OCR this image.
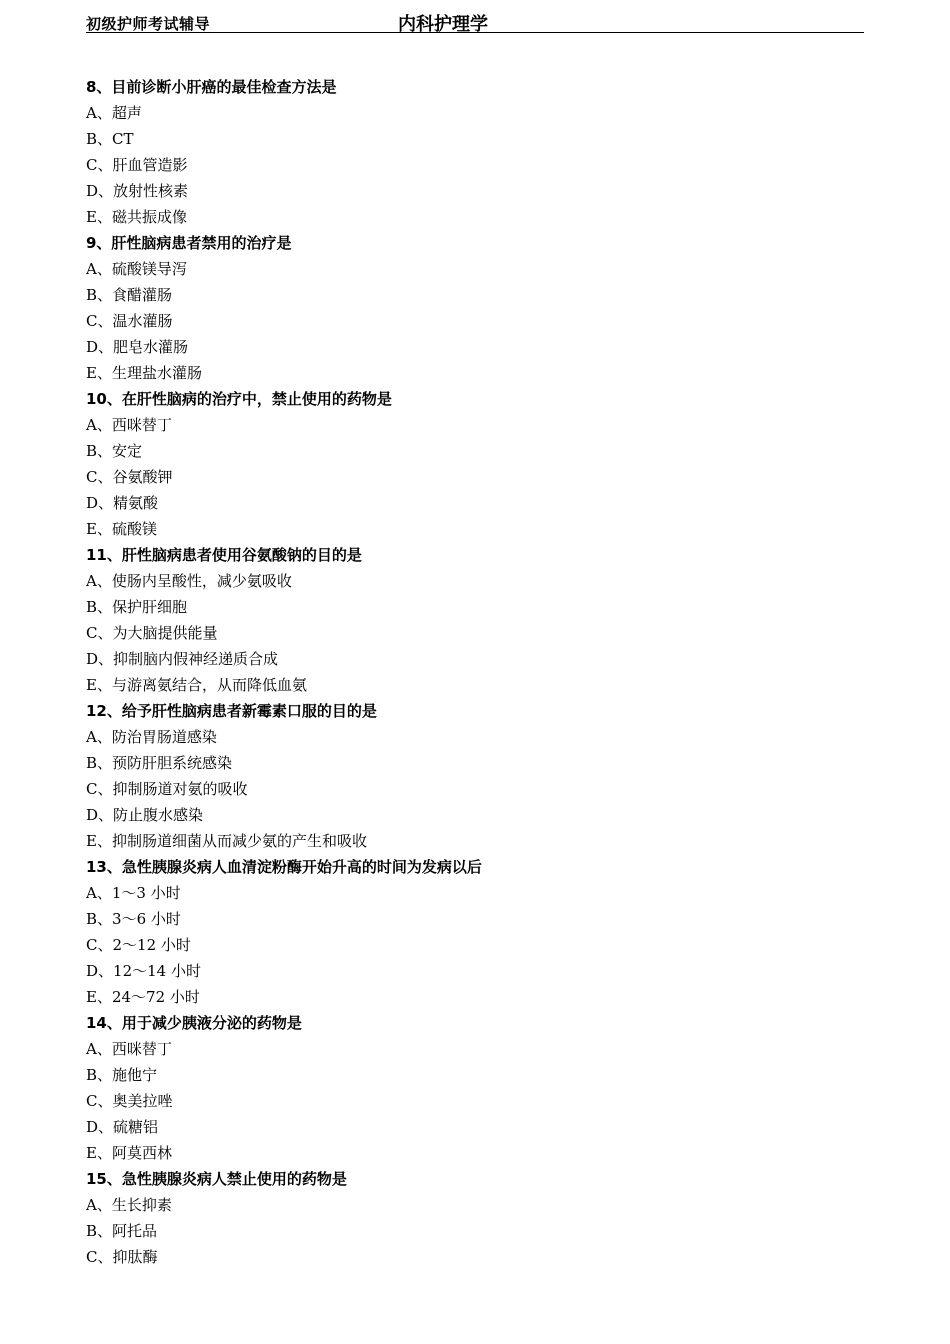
初级护师考试辅导	内科护理学
8、目前诊断小肝癌的最佳检查方法是
A、超声
B、CT
C、肝血管造影
D、放射性核素
E、磁共振成像
9、肝性脑病患者禁用的治疗是
A、硫酸镁导泻
B、食醋灌肠
C、温水灌肠
D、肥皂水灌肠
E、生理盐水灌肠
10、在肝性脑病的治疗中，禁止使用的药物是
A、西咪替丁
B、安定
C、谷氨酸钾
D、精氨酸
E、硫酸镁
11、肝性脑病患者使用谷氨酸钠的目的是
A、使肠内呈酸性，减少氨吸收
B、保护肝细胞
C、为大脑提供能量
D、抑制脑内假神经递质合成
E、与游离氨结合，从而降低血氨
12、给予肝性脑病患者新霉素口服的目的是
A、防治胃肠道感染
B、预防肝胆系统感染
C、抑制肠道对氨的吸收
D、防止腹水感染
E、抑制肠道细菌从而减少氨的产生和吸收
13、急性胰腺炎病人血清淀粉酶开始升高的时间为发病以后
A、1～3 小时
B、3～6 小时
C、2～12 小时
D、12～14 小时
E、24～72 小时
14、用于减少胰液分泌的药物是
A、西咪替丁
B、施他宁
C、奥美拉唑
D、硫糖铝
E、阿莫西林
15、急性胰腺炎病人禁止使用的药物是
A、生长抑素
B、阿托品
C、抑肽酶
